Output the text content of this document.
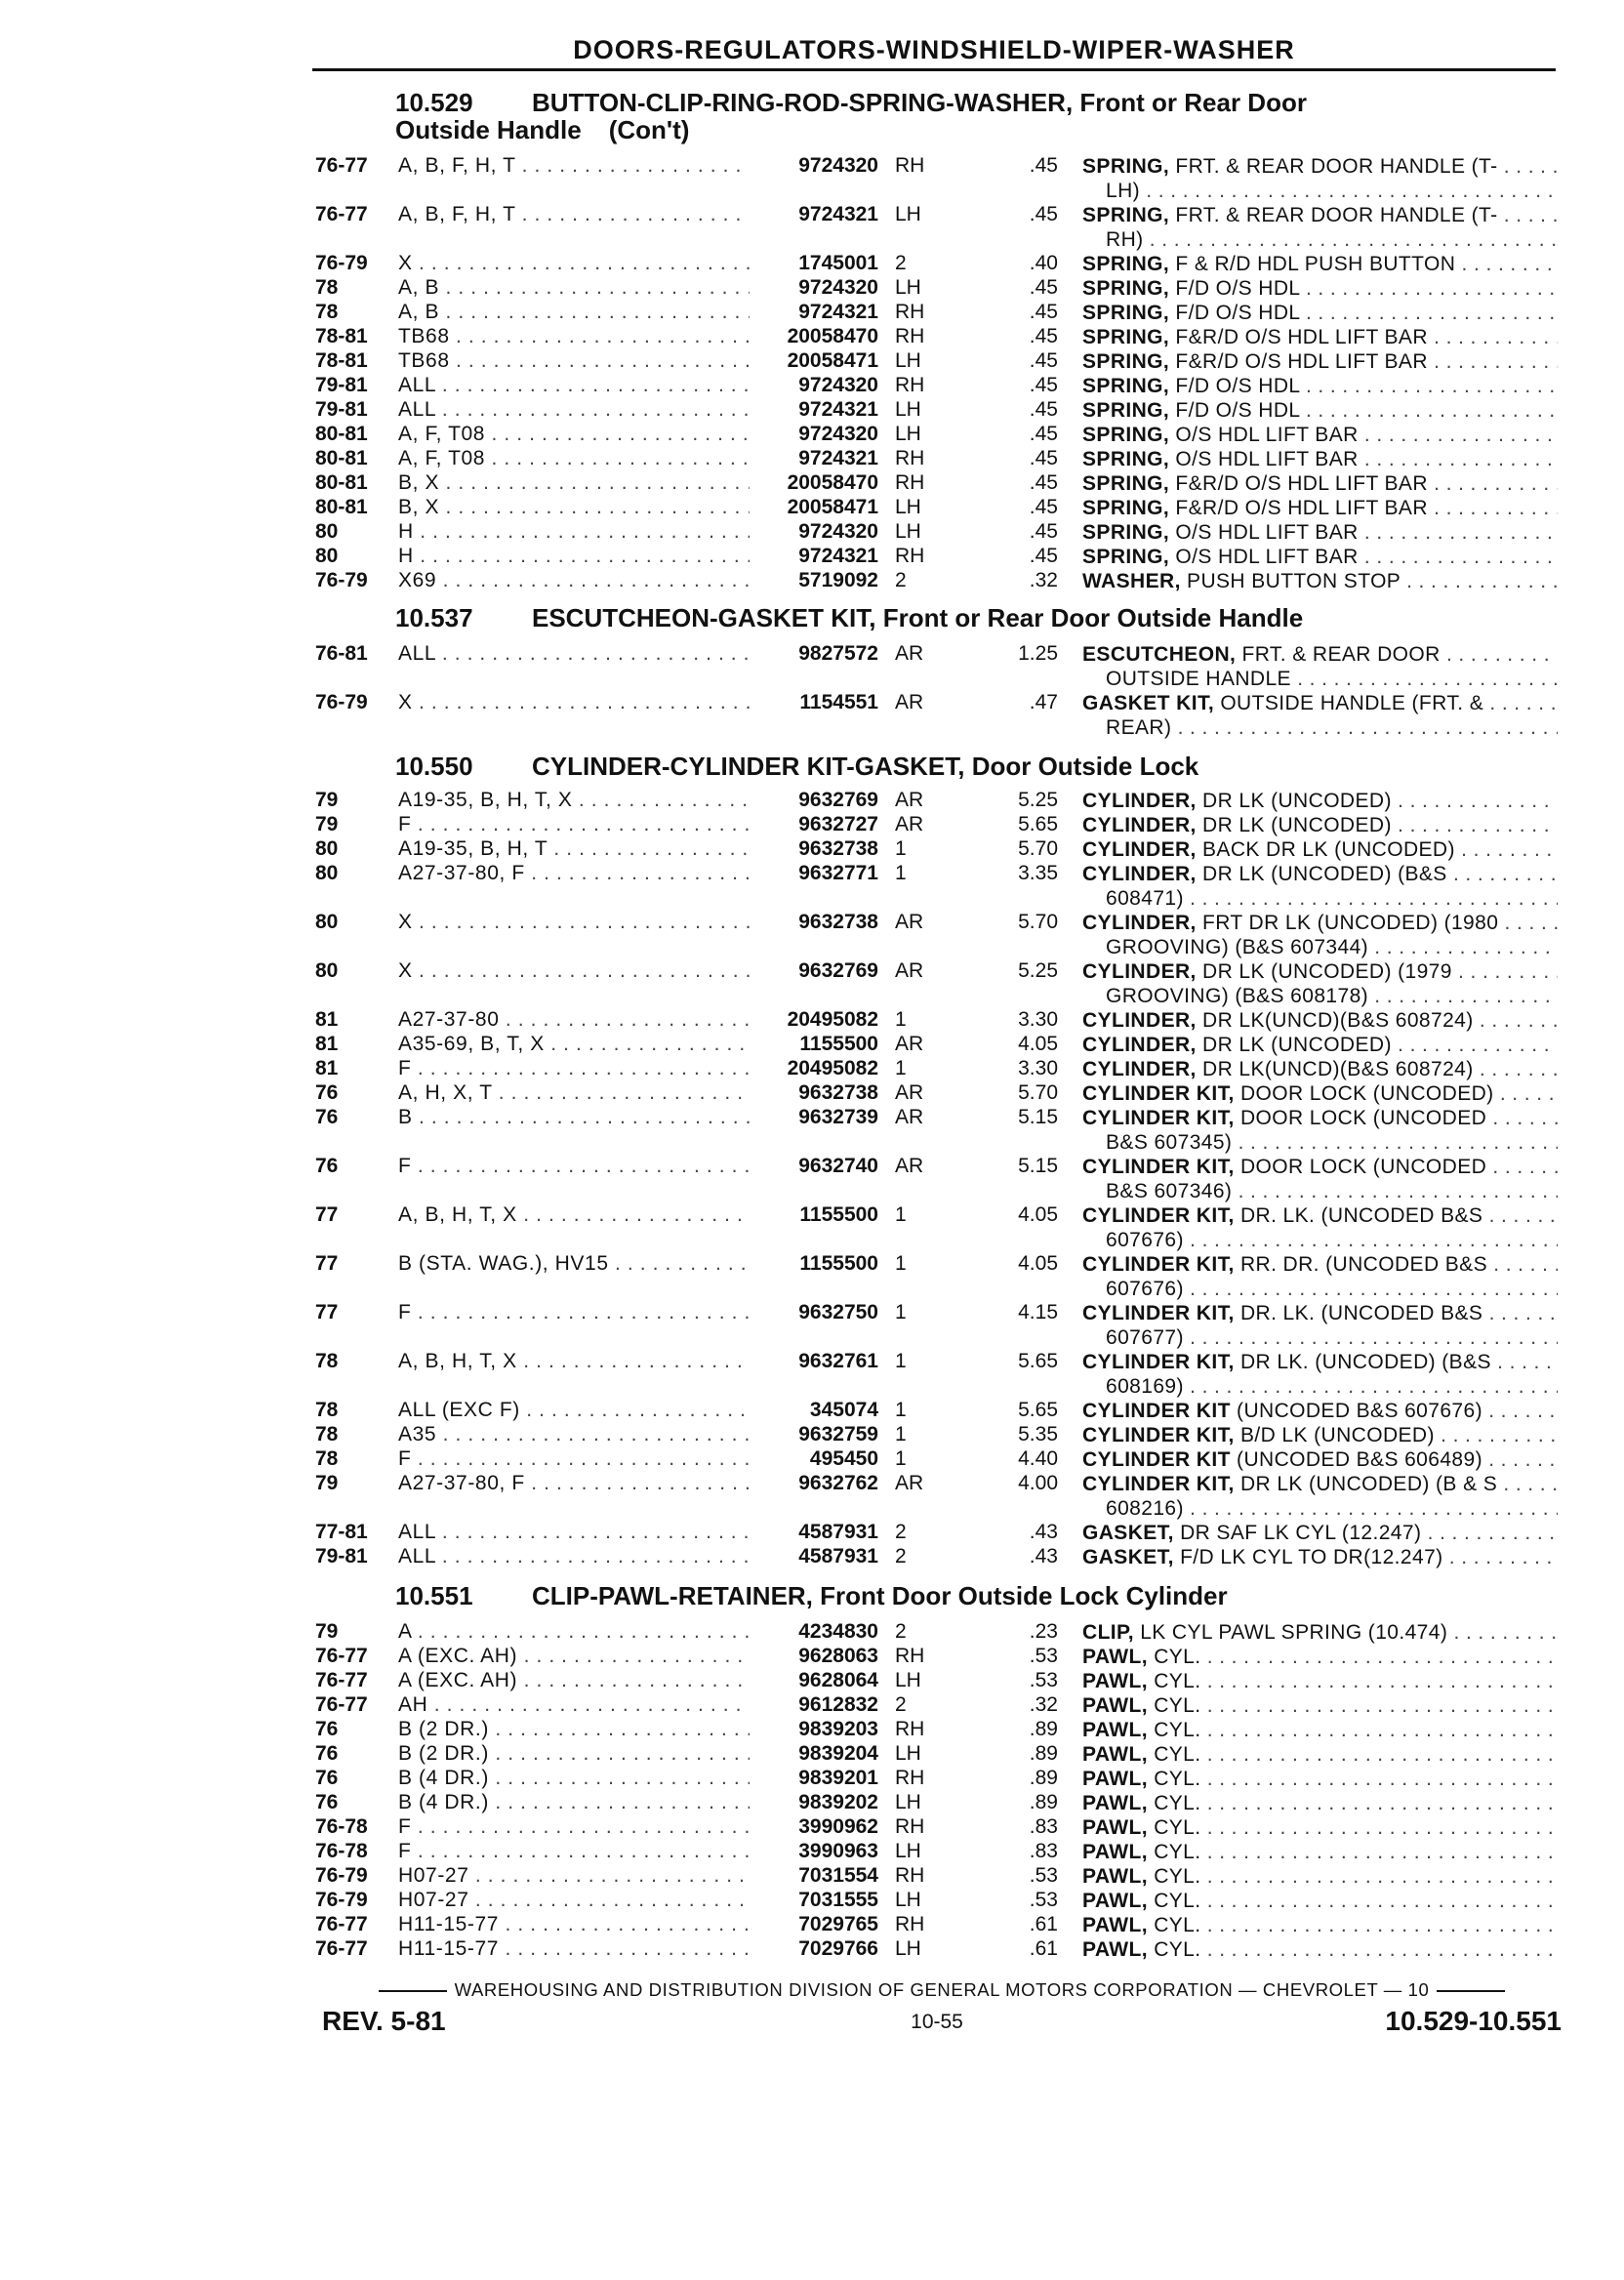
DOORS-REGULATORS-WINDSHIELD-WIPER-WASHER
10.529 BUTTON-CLIP-RING-ROD-SPRING-WASHER, Front or Rear Door
Outside Handle (Con't)
76-77	A, B, F, H, T . . .	9724320 RH	.45 SPRING, FRT. & REAR DOOR HANDLE (T- . . .
LH) . . .
76-77	A, B, F, H, T . . .	9724321 LH	.45 SPRING, FRT. & REAR DOOR HANDLE (T- . . .
RH) . . .
76-79	X . . .	1745001 2	.40 SPRING, F & R/D HDL PUSH BUTTON . . .
78	A, B . . .	9724320 LH	.45 SPRING, F/D O/S HDL . . .
78	A, B . . .	9724321 RH	.45 SPRING, F/D O/S HDL . . .
78-81	TB68 . . .	20058470 RH	.45 SPRING, F&R/D O/S HDL LIFT BAR . . .
78-81	TB68 . . .	20058471 LH	.45 SPRING, F&R/D O/S HDL LIFT BAR . . .
79-81	ALL . . .	9724320 RH	.45 SPRING, F/D O/S HDL . . .
79-81	ALL . . .	9724321 LH	.45 SPRING, F/D O/S HDL . . .
80-81	A, F, T08 . . .	9724320 LH	.45 SPRING, O/S HDL LIFT BAR . . .
80-81	A, F, T08 . . .	9724321 RH	.45 SPRING, O/S HDL LIFT BAR . . .
80-81	B, X . . .	20058470 RH	.45 SPRING, F&R/D O/S HDL LIFT BAR . . .
80-81	B, X . . .	20058471 LH	.45 SPRING, F&R/D O/S HDL LIFT BAR . . .
80	H . . .	9724320 LH	.45 SPRING, O/S HDL LIFT BAR . . .
80	H . . .	9724321 RH	.45 SPRING, O/S HDL LIFT BAR . . .
76-79	X69 . . .	5719092 2	.32 WASHER, PUSH BUTTON STOP . . .
10.537 ESCUTCHEON-GASKET KIT, Front or Rear Door Outside Handle
76-81	ALL . . .	9827572 AR	1.25 ESCUTCHEON, FRT. & REAR DOOR . . .
OUTSIDE HANDLE . . .
76-79	X . . .	1154551 AR	.47 GASKET KIT, OUTSIDE HANDLE (FRT. & . . .
REAR) . . .
10.550 CYLINDER-CYLINDER KIT-GASKET, Door Outside Lock
79	A19-35, B, H, T, X . . .	9632769 AR	5.25 CYLINDER, DR LK (UNCODED) . . .
79	F . . .	9632727 AR	5.65 CYLINDER, DR LK (UNCODED) . . .
80	A19-35, B, H, T . . .	9632738 1	5.70 CYLINDER, BACK DR LK (UNCODED) . . .
80	A27-37-80, F . . .	9632771 1	3.35 CYLINDER, DR LK (UNCODED) (B&S . . .
608471) . . .
80	X . . .	9632738 AR	5.70 CYLINDER, FRT DR LK (UNCODED) (1980 . . .
GROOVING) (B&S 607344) . . .
80	X . . .	9632769 AR	5.25 CYLINDER, DR LK (UNCODED) (1979 . . .
GROOVING) (B&S 608178) . . .
81	A27-37-80 . . .	20495082 1	3.30 CYLINDER, DR LK(UNCD)(B&S 608724) . . .
81	A35-69, B, T, X . . .	1155500 AR	4.05 CYLINDER, DR LK (UNCODED) . . .
81	F . . .	20495082 1	3.30 CYLINDER, DR LK(UNCD)(B&S 608724) . . .
76	A, H, X, T . . .	9632738 AR	5.70 CYLINDER KIT, DOOR LOCK (UNCODED) . . .
76	B . . .	9632739 AR	5.15 CYLINDER KIT, DOOR LOCK (UNCODED . . .
B&S 607345) . . .
76	F . . .	9632740 AR	5.15 CYLINDER KIT, DOOR LOCK (UNCODED . . .
B&S 607346) . . .
77	A, B, H, T, X . . .	1155500 1	4.05 CYLINDER KIT, DR. LK. (UNCODED B&S . . .
607676) . . .
77	B (STA. WAG.), HV15 . . .	1155500 1	4.05 CYLINDER KIT, RR. DR. (UNCODED B&S . . .
607676) . . .
77	F . . .	9632750 1	4.15 CYLINDER KIT, DR. LK. (UNCODED B&S . . .
607677) . . .
78	A, B, H, T, X . . .	9632761 1	5.65 CYLINDER KIT, DR LK. (UNCODED) (B&S . . .
608169) . . .
78	ALL (EXC F) . . .	345074 1	5.65 CYLINDER KIT (UNCODED B&S 607676) . . .
78	A35 . . .	9632759 1	5.35 CYLINDER KIT, B/D LK (UNCODED) . . .
78	F . . .	495450 1	4.40 CYLINDER KIT (UNCODED B&S 606489) . . .
79	A27-37-80, F . . .	9632762 AR	4.00 CYLINDER KIT, DR LK (UNCODED) (B & S . . .
608216) . . .
77-81	ALL . . .	4587931 2	.43 GASKET, DR SAF LK CYL (12.247) . . .
79-81	ALL . . .	4587931 2	.43 GASKET, F/D LK CYL TO DR(12.247) . . .
10.551 CLIP-PAWL-RETAINER, Front Door Outside Lock Cylinder
79	A . . .	4234830 2	.23 CLIP, LK CYL PAWL SPRING (10.474) . . .
76-77	A (EXC. AH) . . .	9628063 RH	.53 PAWL, CYL. . . .
76-77	A (EXC. AH) . . .	9628064 LH	.53 PAWL, CYL. . . .
76-77	AH . . .	9612832 2	.32 PAWL, CYL. . . .
76	B (2 DR.) . . .	9839203 RH	.89 PAWL, CYL. . . .
76	B (2 DR.) . . .	9839204 LH	.89 PAWL, CYL. . . .
76	B (4 DR.) . . .	9839201 RH	.89 PAWL, CYL. . . .
76	B (4 DR.) . . .	9839202 LH	.89 PAWL, CYL. . . .
76-78	F . . .	3990962 RH	.83 PAWL, CYL. . . .
76-78	F . . .	3990963 LH	.83 PAWL, CYL. . . .
76-79	H07-27 . . .	7031554 RH	.53 PAWL, CYL. . . .
76-79	H07-27 . . .	7031555 LH	.53 PAWL, CYL. . . .
76-77	H11-15-77 . . .	7029765 RH	.61 PAWL, CYL. . . .
76-77	H11-15-77 . . .	7029766 LH	.61 PAWL, CYL. . . .
WAREHOUSING AND DISTRIBUTION DIVISION OF GENERAL MOTORS CORPORATION — CHEVROLET — 10
REV. 5-81	10-55	10.529-10.551
